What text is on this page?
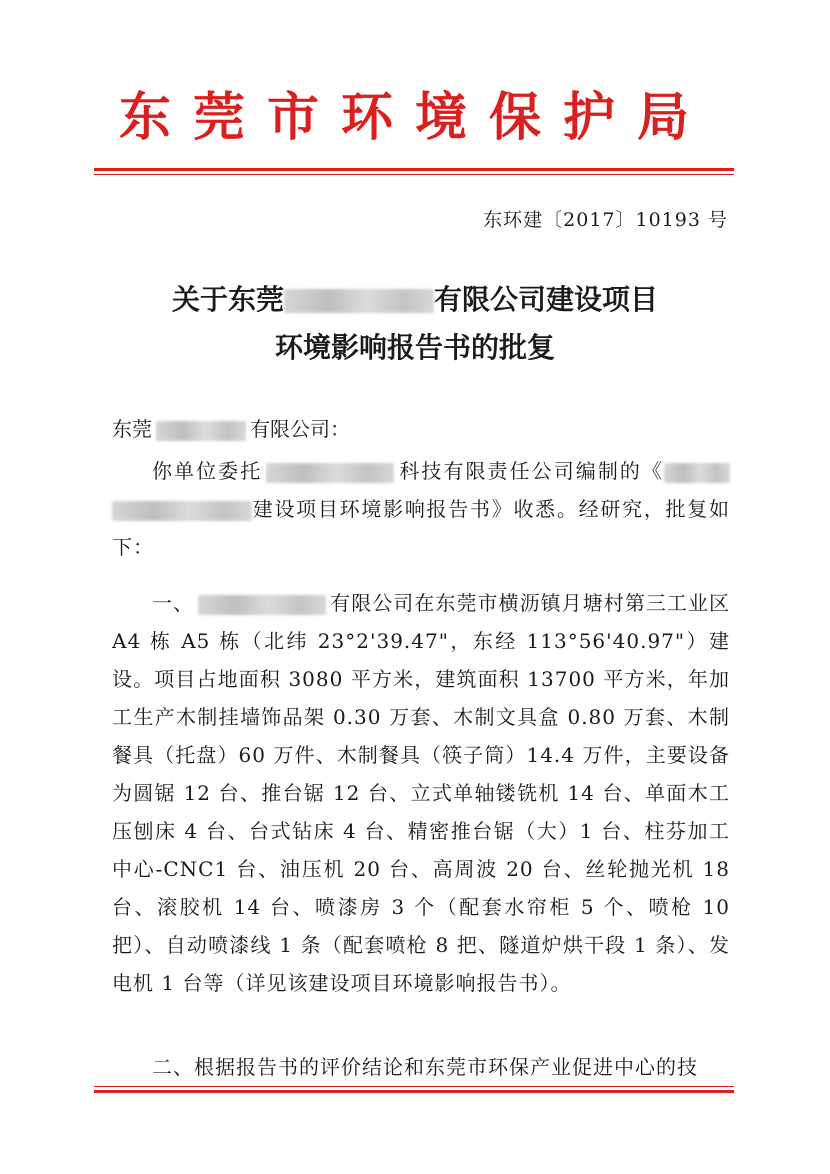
东莞市环境保护局
东环建〔2017〕10193 号
关于东莞	有限公司建设项目
环境影响报告书的批复
东莞	有限公司：

你单位委托	科技有限责任公司编制的《建设项目环境影响报告书》收悉。经研究，批复如下：

一、	有限公司在东莞市横沥镇月塘村第三工业区 A4 栋 A5 栋（北纬 23°2'39.47"，东经 113°56'40.97"）建设。项目占地面积 3080 平方米，建筑面积 13700 平方米，年加工生产木制挂墙饰品架 0.30 万套、木制文具盒 0.80 万套、木制餐具（托盘）60 万件、木制餐具（筷子筒）14.4 万件，主要设备为圆锯 12 台、推台锯 12 台、立式单轴镂铣机 14 台、单面木工压刨床 4 台、台式钻床 4 台、精密推台锯（大）1 台、柱芬加工中心-CNC1 台、油压机 20 台、高周波 20 台、丝轮抛光机 18 台、滚胶机 14 台、喷漆房 3 个（配套水帘柜 5 个、喷枪 10 把）、自动喷漆线 1 条（配套喷枪 8 把、隧道炉烘干段 1 条）、发电机 1 台等（详见该建设项目环境影响报告书）。

二、根据报告书的评价结论和东莞市环保产业促进中心的技
